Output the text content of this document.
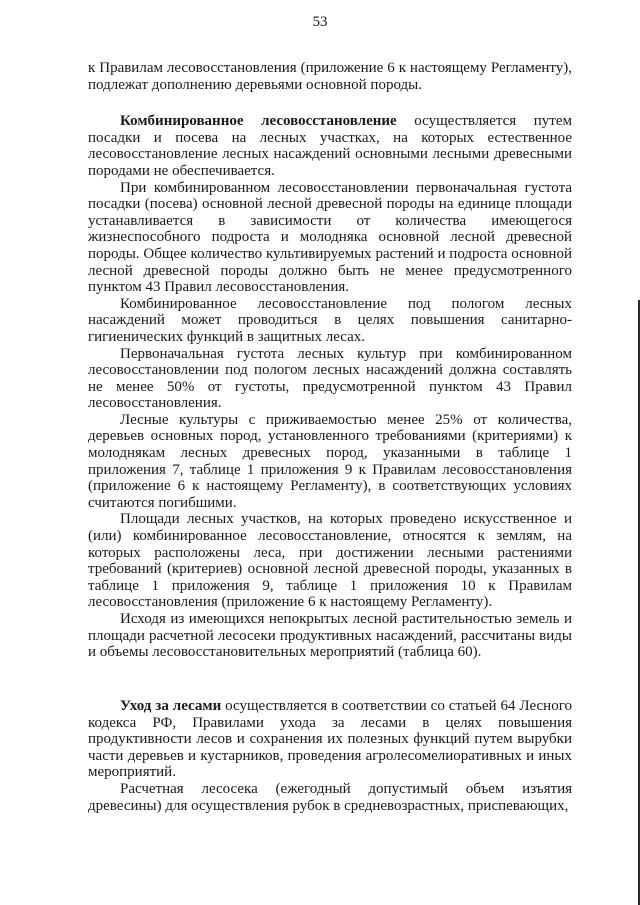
53

к Правилам лесовосстановления (приложение 6 к настоящему Регламенту), подлежат дополнению деревьями основной породы.

Комбинированное лесовосстановление осуществляется путем посадки и посева на лесных участках, на которых естественное лесовосстановление лесных насаждений основными лесными древесными породами не обеспечивается.

При комбинированном лесовосстановлении первоначальная густота посадки (посева) основной лесной древесной породы на единице площади устанавливается в зависимости от количества имеющегося жизнеспособного подроста и молодняка основной лесной древесной породы. Общее количество культивируемых растений и подроста основной лесной древесной породы должно быть не менее предусмотренного пунктом 43 Правил лесовосстановления.

Комбинированное лесовосстановление под пологом лесных насаждений может проводиться в целях повышения санитарно-гигиенических функций в защитных лесах.

Первоначальная густота лесных культур при комбинированном лесовосстановлении под пологом лесных насаждений должна составлять не менее 50% от густоты, предусмотренной пунктом 43 Правил лесовосстановления.

Лесные культуры с приживаемостью менее 25% от количества, деревьев основных пород, установленного требованиями (критериями) к молоднякам лесных древесных пород, указанными в таблице 1 приложения 7, таблице 1 приложения 9 к Правилам лесовосстановления (приложение 6 к настоящему Регламенту), в соответствующих условиях считаются погибшими.

Площади лесных участков, на которых проведено искусственное и (или) комбинированное лесовосстановление, относятся к землям, на которых расположены леса, при достижении лесными растениями требований (критериев) основной лесной древесной породы, указанных в таблице 1 приложения 9, таблице 1 приложения 10 к Правилам лесовосстановления (приложение 6 к настоящему Регламенту).

Исходя из имеющихся непокрытых лесной растительностью земель и площади расчетной лесосеки продуктивных насаждений, рассчитаны виды и объемы лесовосстановительных мероприятий (таблица 60).

Уход за лесами осуществляется в соответствии со статьей 64 Лесного кодекса РФ, Правилами ухода за лесами в целях повышения продуктивности лесов и сохранения их полезных функций путем вырубки части деревьев и кустарников, проведения агролесомелиоративных и иных мероприятий.

Расчетная лесосека (ежегодный допустимый объем изъятия древесины) для осуществления рубок в средневозрастных, приспевающих,
